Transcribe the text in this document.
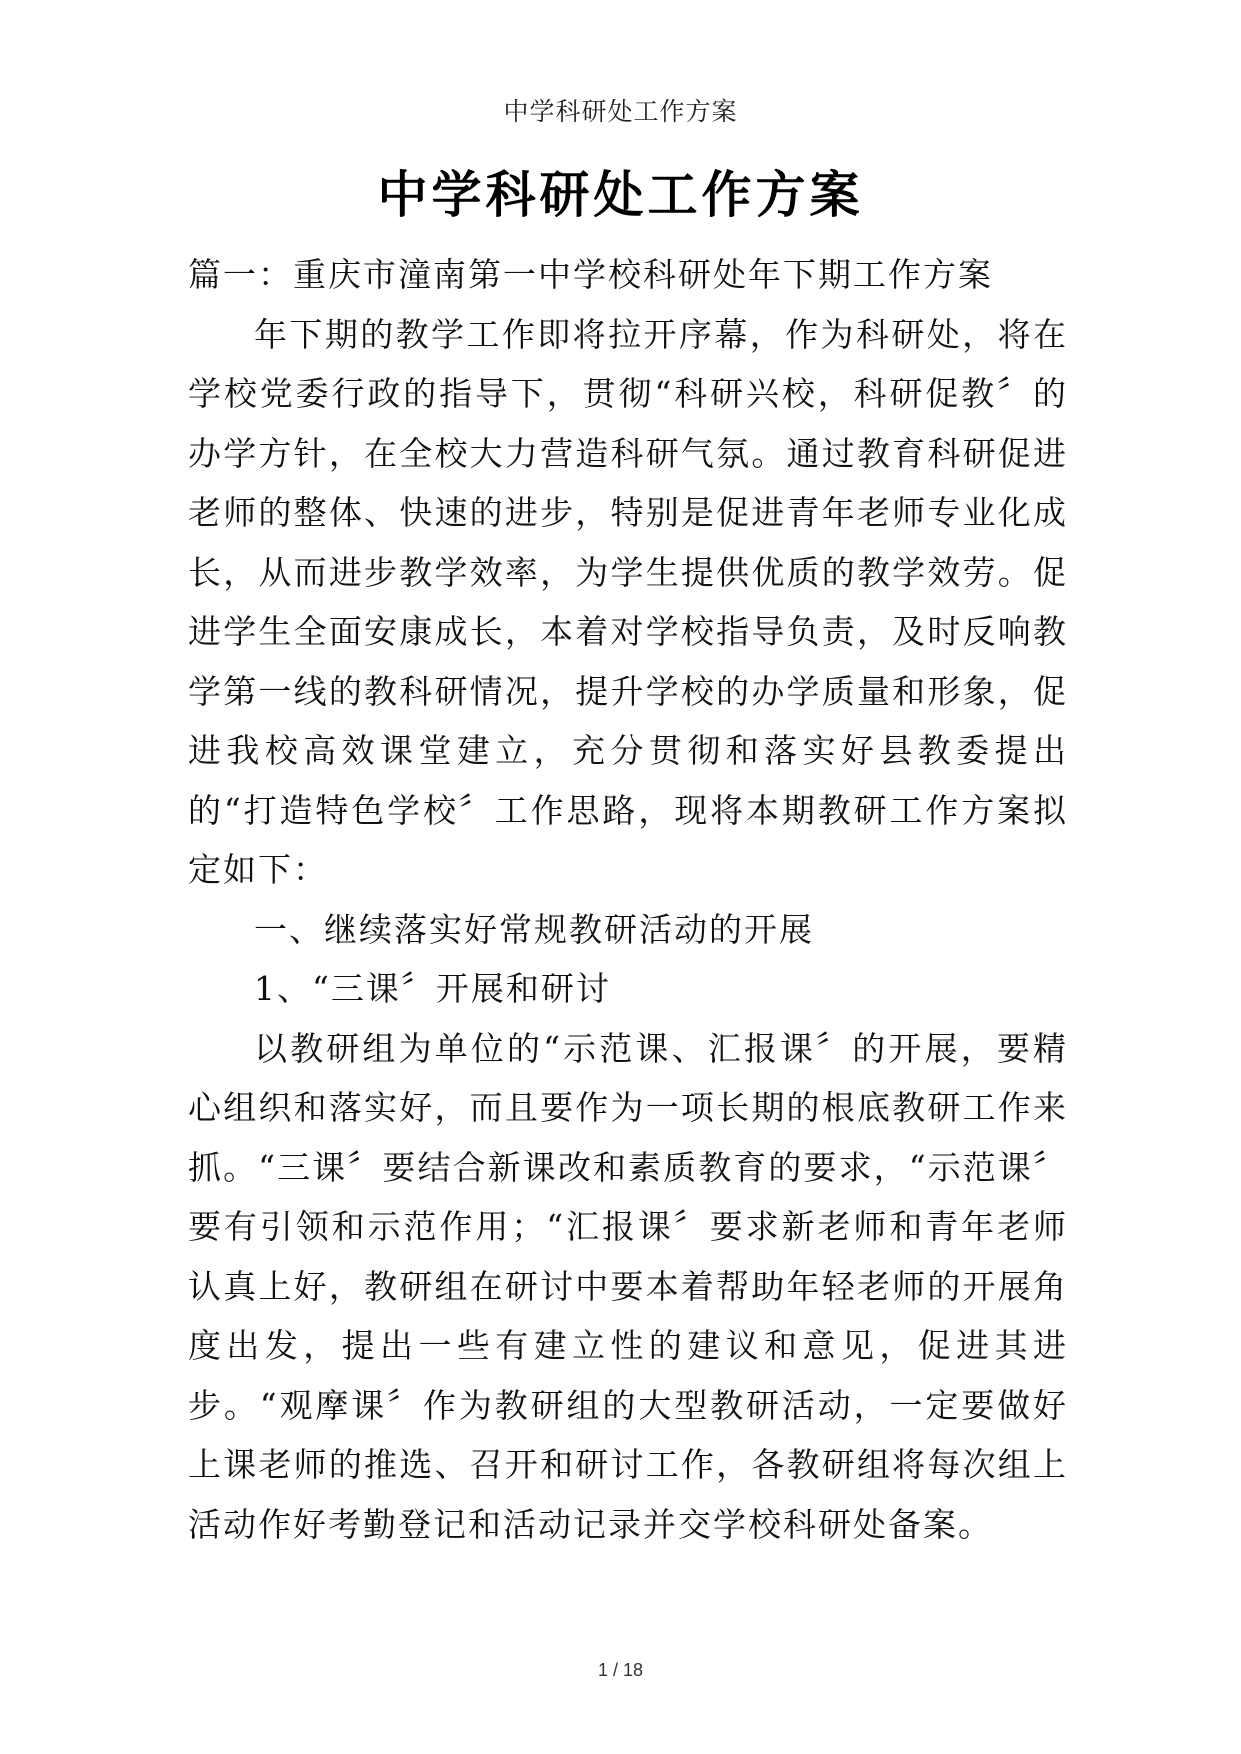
中学科研处工作方案
中学科研处工作方案

篇一：重庆市潼南第一中学校科研处年下期工作方案

年下期的教学工作即将拉开序幕，作为科研处，将在学校党委行政的指导下，贯彻“科研兴校，科研促教〞的办学方针，在全校大力营造科研气氛。通过教育科研促进老师的整体、快速的进步，特别是促进青年老师专业化成长，从而进步教学效率，为学生提供优质的教学效劳。促进学生全面安康成长，本着对学校指导负责，及时反响教学第一线的教科研情况，提升学校的办学质量和形象，促进我校高效课堂建立，充分贯彻和落实好县教委提出的“打造特色学校〞工作思路，现将本期教研工作方案拟定如下：

一、继续落实好常规教研活动的开展

1、“三课〞开展和研讨

以教研组为单位的“示范课、汇报课〞的开展，要精心组织和落实好，而且要作为一项长期的根底教研工作来抓。“三课〞要结合新课改和素质教育的要求，“示范课〞要有引领和示范作用；“汇报课〞要求新老师和青年老师认真上好，教研组在研讨中要本着帮助年轻老师的开展角度出发，提出一些有建立性的建议和意见，促进其进步。“观摩课〞作为教研组的大型教研活动，一定要做好上课老师的推选、召开和研讨工作，各教研组将每次组上活动作好考勤登记和活动记录并交学校科研处备案。

1 / 18
